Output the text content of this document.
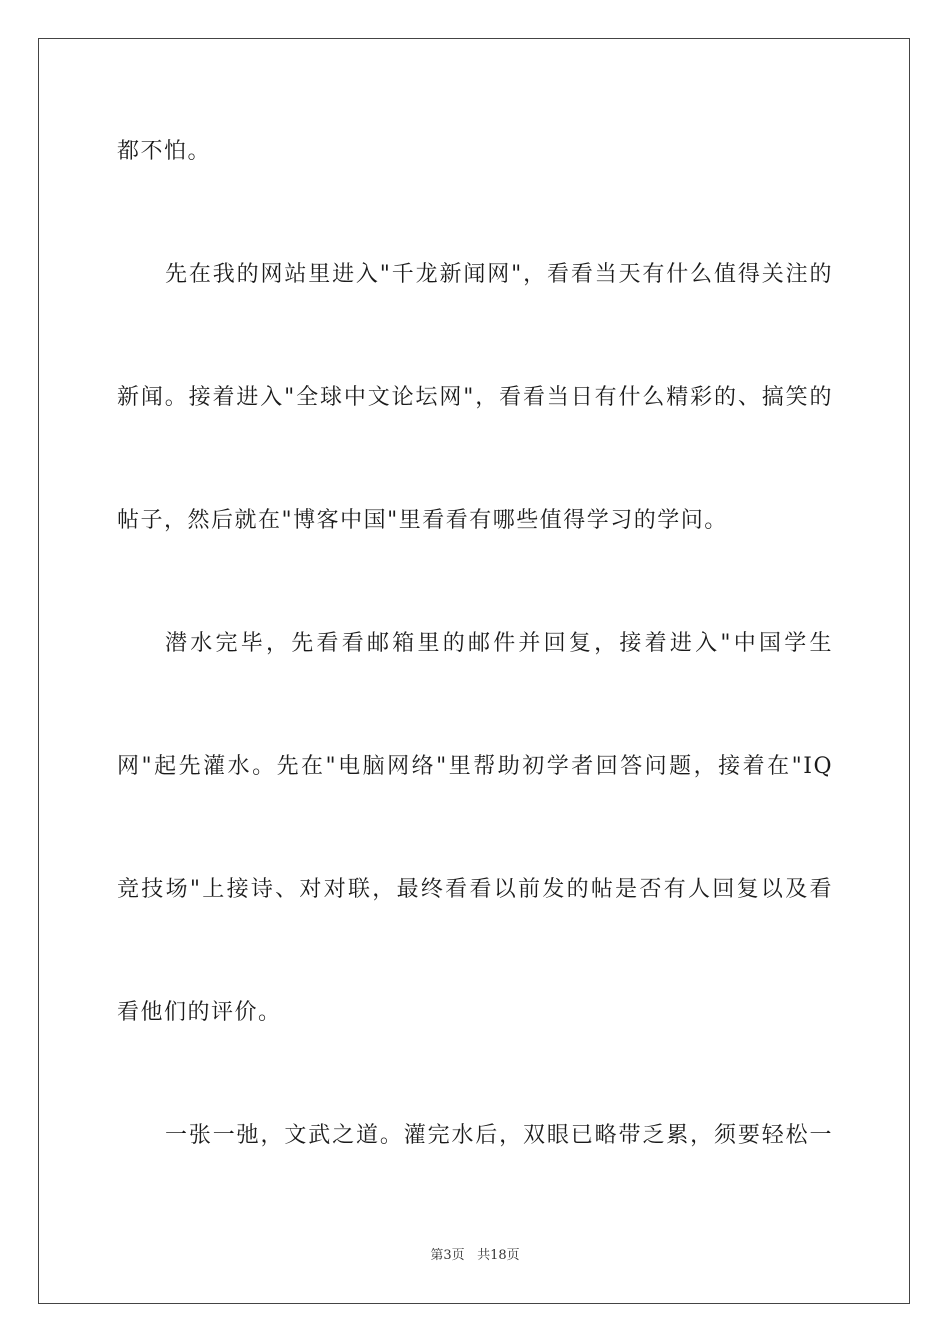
都不怕。
先在我的网站里进入"千龙新闻网"，看看当天有什么值得关注的
新闻。接着进入"全球中文论坛网"，看看当日有什么精彩的、搞笑的
帖子，然后就在"博客中国"里看看有哪些值得学习的学问。
潜水完毕，先看看邮箱里的邮件并回复，接着进入"中国学生
网"起先灌水。先在"电脑网络"里帮助初学者回答问题，接着在"IQ
竞技场"上接诗、对对联，最终看看以前发的帖是否有人回复以及看
看他们的评价。
一张一弛，文武之道。灌完水后，双眼已略带乏累，须要轻松一
第3页 共18页
